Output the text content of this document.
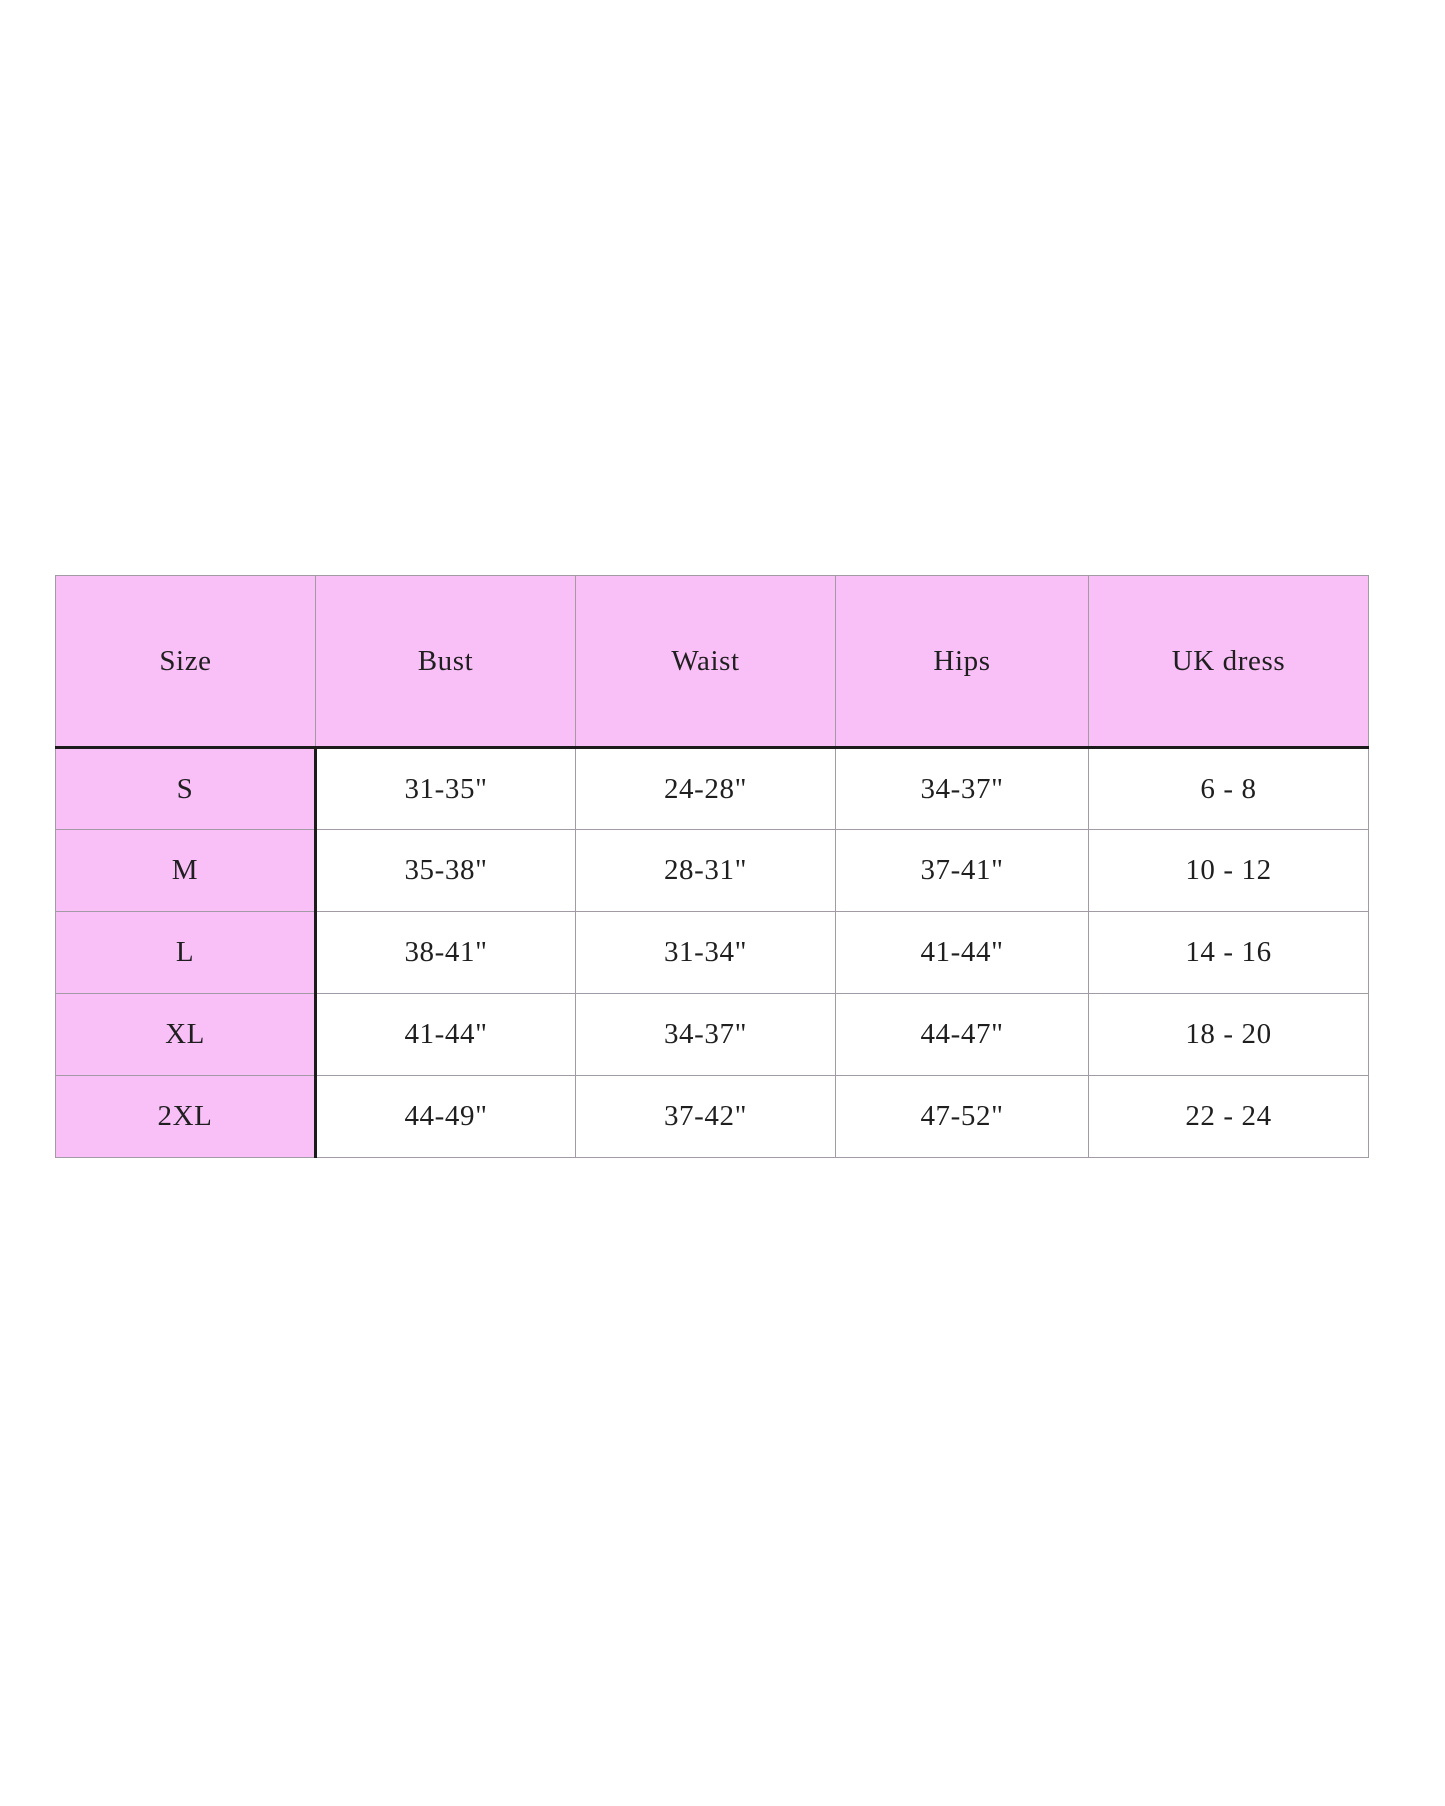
Size	Bust	Waist	Hips	UK dress
S	31-35"	24-28"	34-37"	6 - 8
M	35-38"	28-31"	37-41"	10 - 12
L	38-41"	31-34"	41-44"	14 - 16
XL	41-44"	34-37"	44-47"	18 - 20
2XL	44-49"	37-42"	47-52"	22 - 24
